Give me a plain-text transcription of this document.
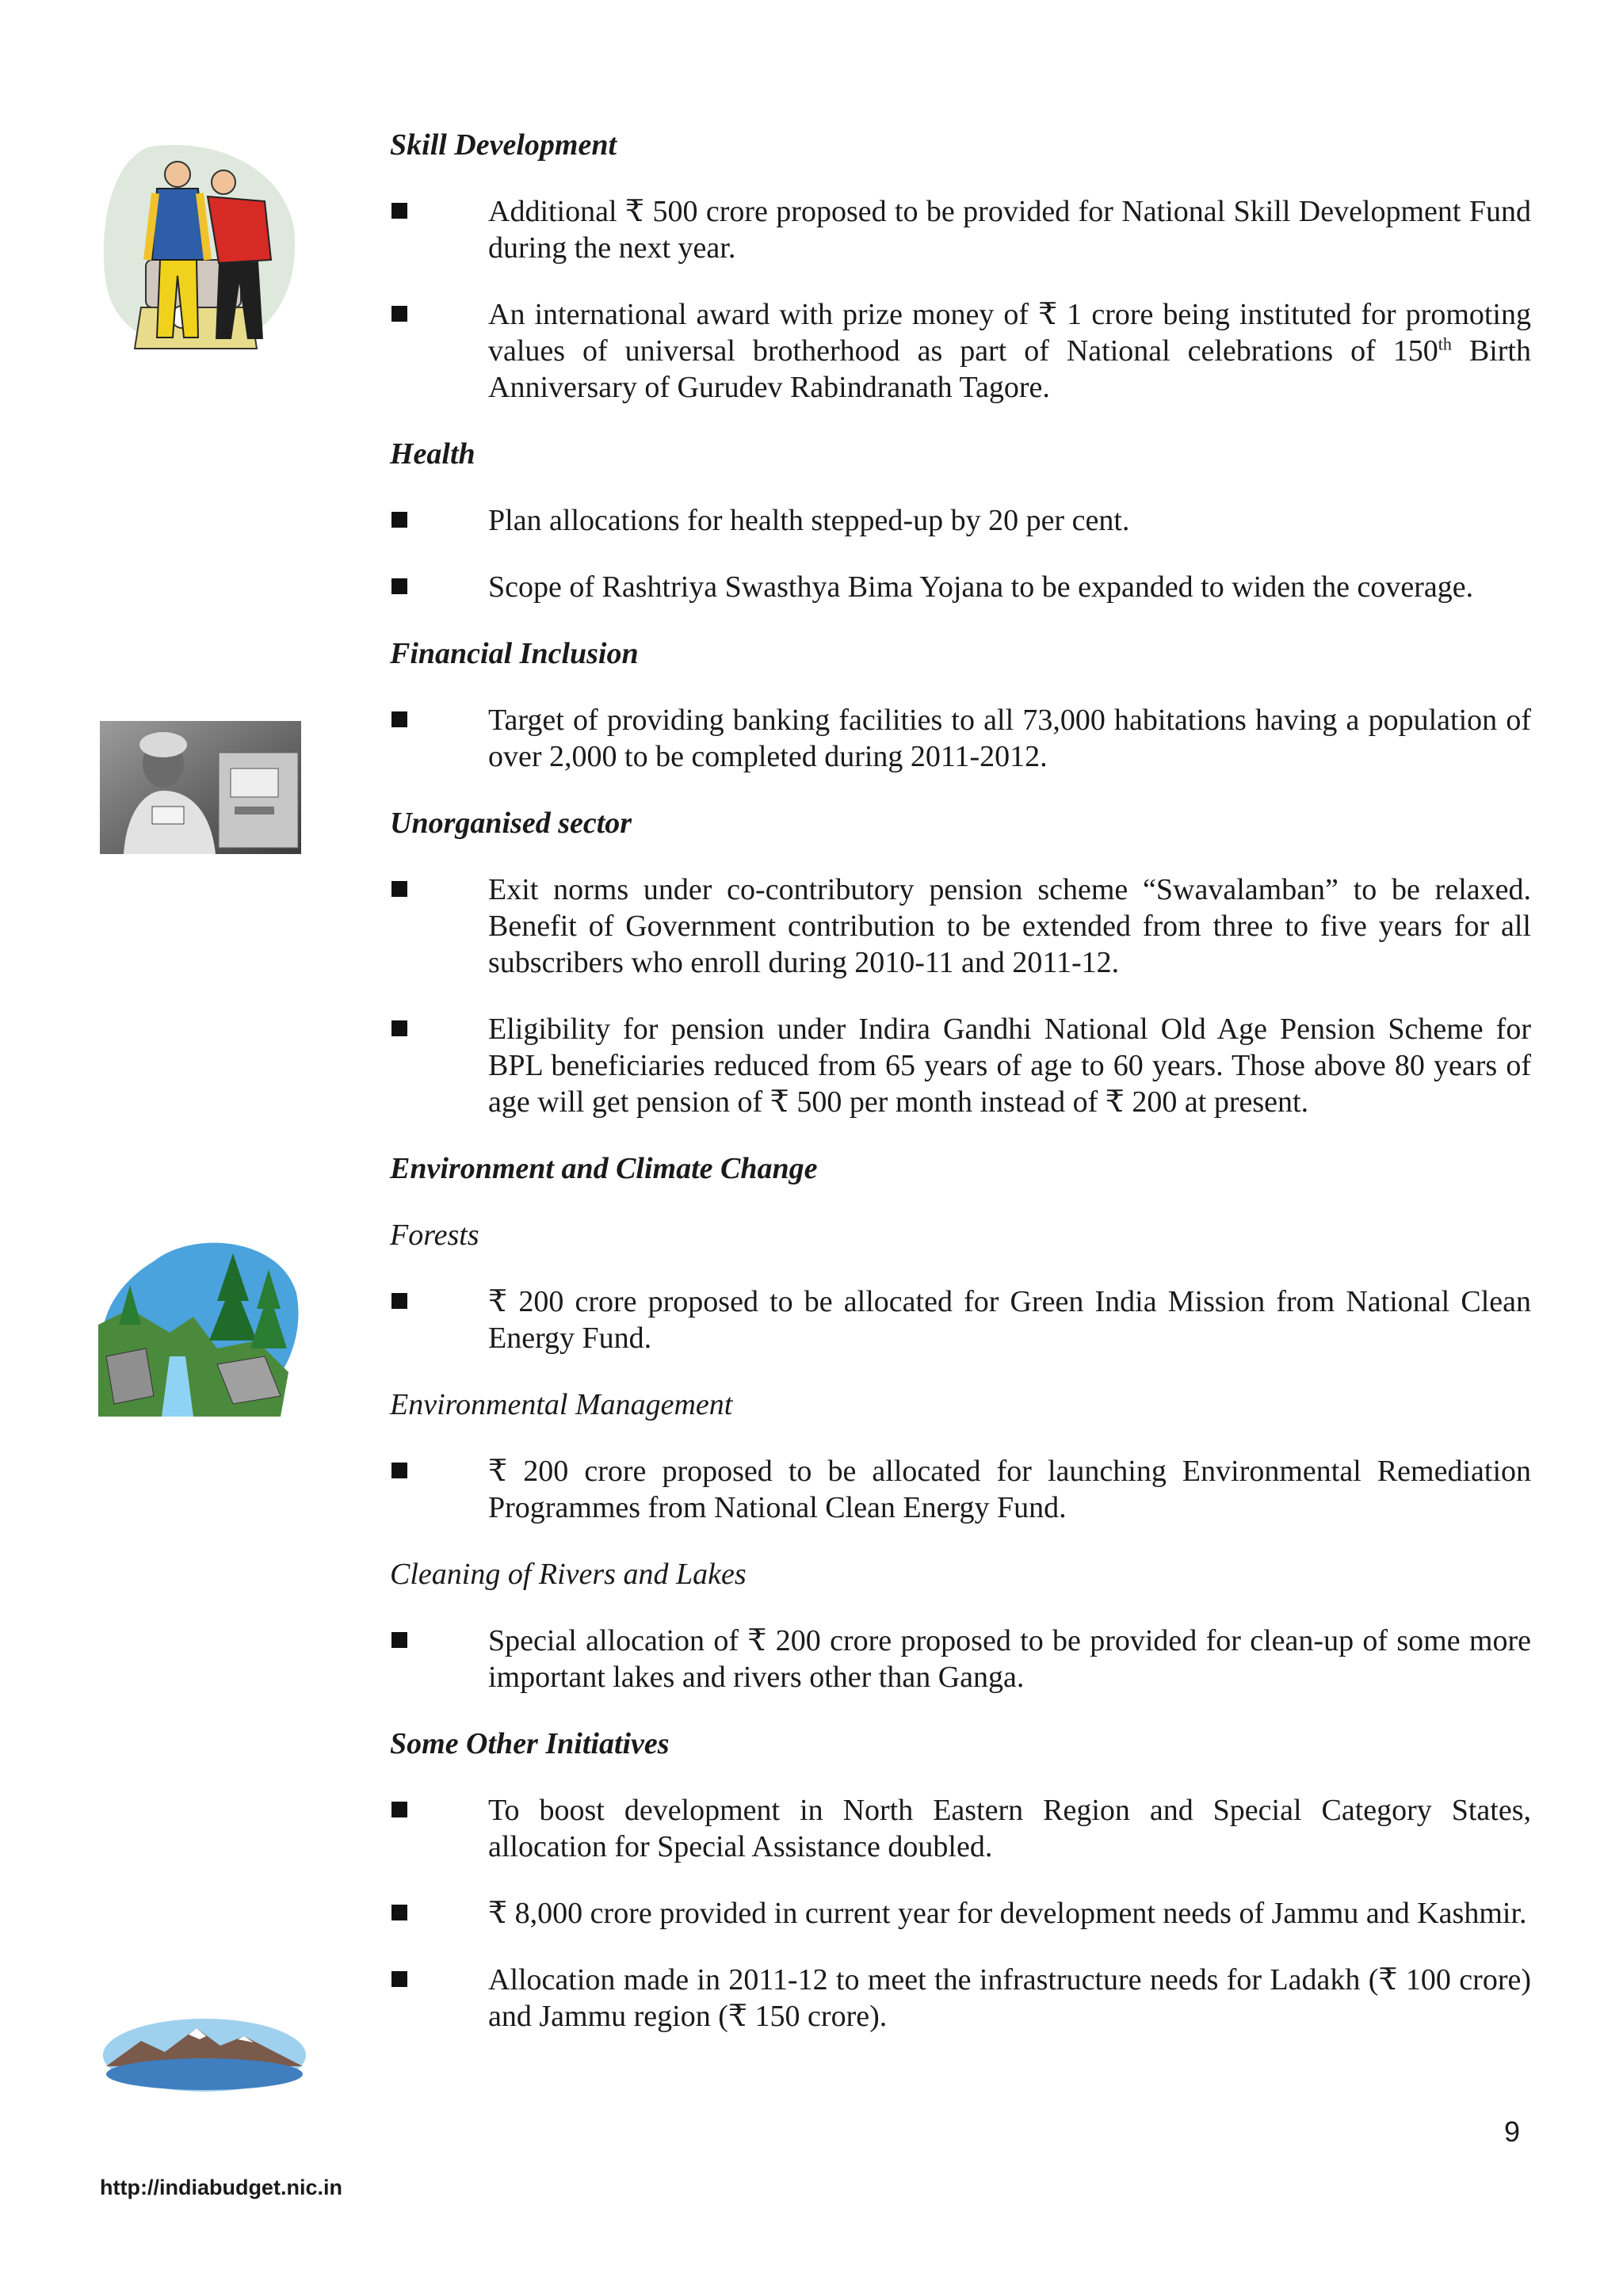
Skill Development
Additional ₹ 500 crore proposed to be provided for National Skill Development Fund during the next year.
An international award with prize money of ₹ 1 crore being instituted for promoting values of universal brotherhood as part of National celebrations of 150th Birth Anniversary of Gurudev Rabindranath Tagore.
Health
Plan allocations for health stepped-up by 20 per cent.
Scope of Rashtriya Swasthya Bima Yojana to be expanded to widen the coverage.
Financial Inclusion
Target of providing banking facilities to all 73,000 habitations having a population of over 2,000 to be completed during 2011-2012.
Unorganised sector
Exit norms under co-contributory pension scheme “Swavalamban” to be relaxed. Benefit of Government contribution to be extended from three to five years for all subscribers who enroll during 2010-11 and 2011-12.
Eligibility for pension under Indira Gandhi National Old Age Pension Scheme for BPL beneficiaries reduced from 65 years of age to 60 years. Those above 80 years of age will get pension of ₹ 500 per month instead of ₹ 200 at present.
Environment and Climate Change
Forests
₹ 200 crore proposed to be allocated for Green India Mission from National Clean Energy Fund.
Environmental Management
₹ 200 crore proposed to be allocated for launching Environmental Remediation Programmes from National Clean Energy Fund.
Cleaning of Rivers and Lakes
Special allocation of ₹ 200 crore proposed to be provided for clean-up of some more important lakes and rivers other than Ganga.
Some Other Initiatives
To boost development in North Eastern Region and Special Category States, allocation for Special Assistance doubled.
₹ 8,000 crore provided in current year for development needs of Jammu and Kashmir.
Allocation made in 2011-12 to meet the infrastructure needs for Ladakh (₹ 100 crore) and Jammu region (₹ 150 crore).
9
http://indiabudget.nic.in
